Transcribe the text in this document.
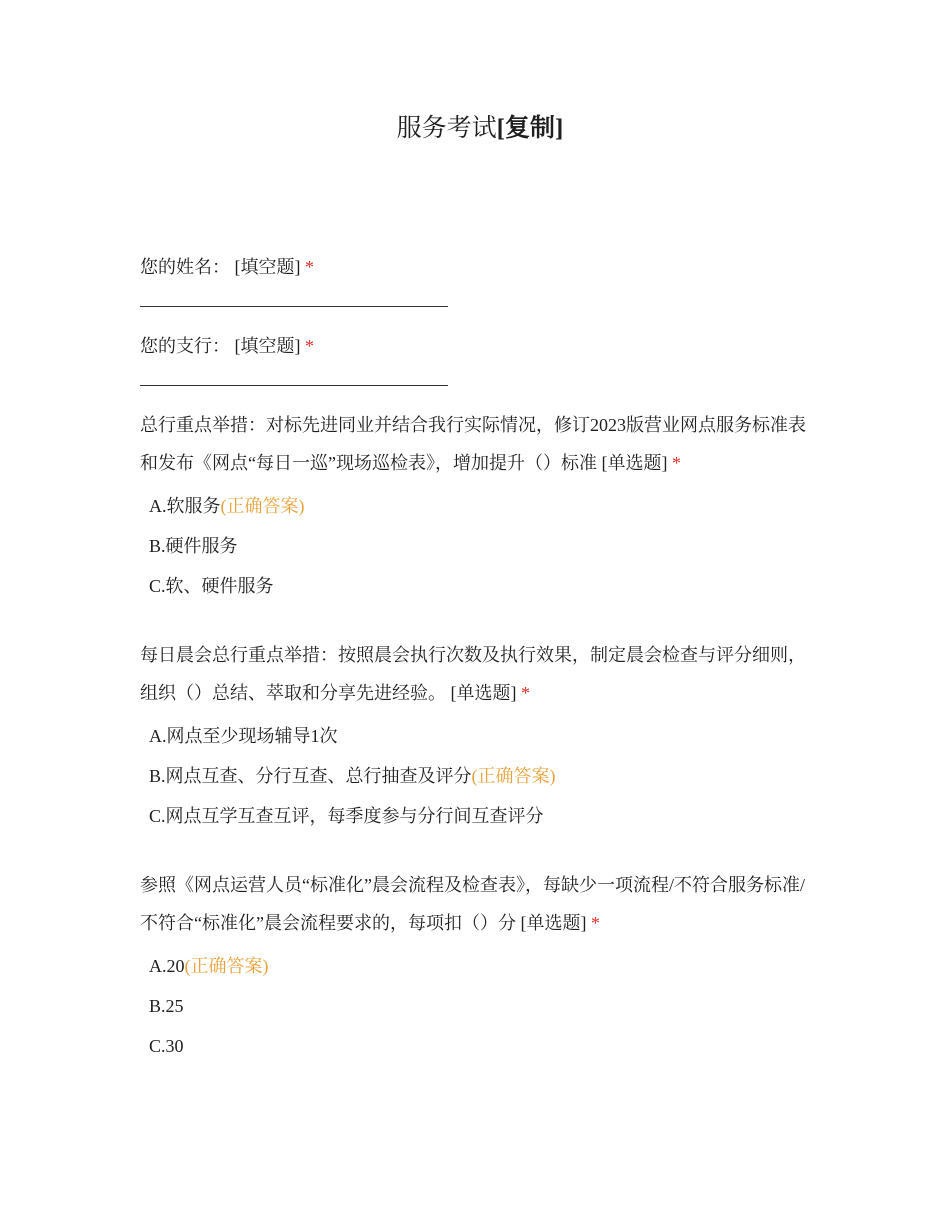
服务考试[复制]
您的姓名： [填空题] *
您的支行： [填空题] *
总行重点举措：对标先进同业并结合我行实际情况，修订2023版营业网点服务标准表和发布《网点“每日一巡”现场巡检表》，增加提升（）标准 [单选题] *
A.软服务(正确答案)
B.硬件服务
C.软、硬件服务
每日晨会总行重点举措：按照晨会执行次数及执行效果，制定晨会检查与评分细则，组织（）总结、萃取和分享先进经验。 [单选题] *
A.网点至少现场辅导1次
B.网点互查、分行互查、总行抽查及评分(正确答案)
C.网点互学互查互评，每季度参与分行间互查评分
参照《网点运营人员“标准化”晨会流程及检查表》，每缺少一项流程/不符合服务标准/不符合“标准化”晨会流程要求的，每项扣（）分 [单选题] *
A.20(正确答案)
B.25
C.30
